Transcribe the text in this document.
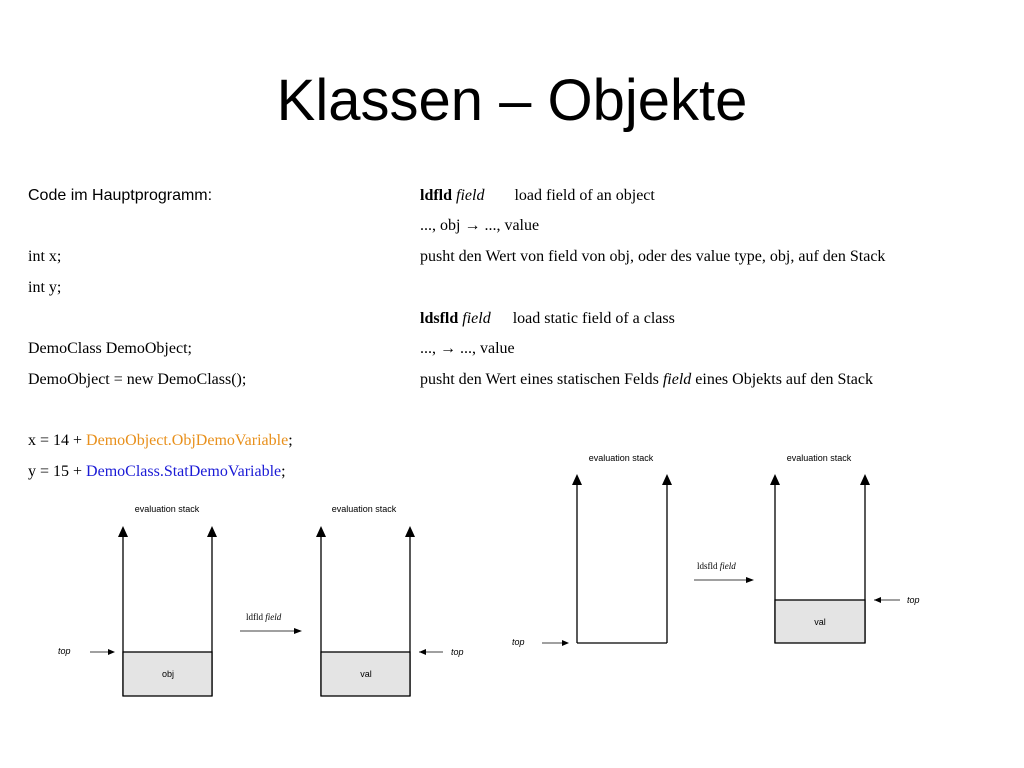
Klassen – Objekte
Code im Hauptprogramm:
int x;
int y;
DemoClass DemoObject;
DemoObject = new DemoClass();
x = 14 + DemoObject.ObjDemoVariable;
y = 15 + DemoClass.StatDemoVariable;
ldfld field load field of an object
..., obj → ..., value
pusht den Wert von field von obj, oder des value type, obj, auf den Stack
ldsfld field load static field of a class
..., → ..., value
pusht den Wert eines statischen Felds field eines Objekts auf den Stack
evaluation stack
obj
top
ldfld field
evaluation stack
val
top
evaluation stack
top
ldsfld field
evaluation stack
val
top
